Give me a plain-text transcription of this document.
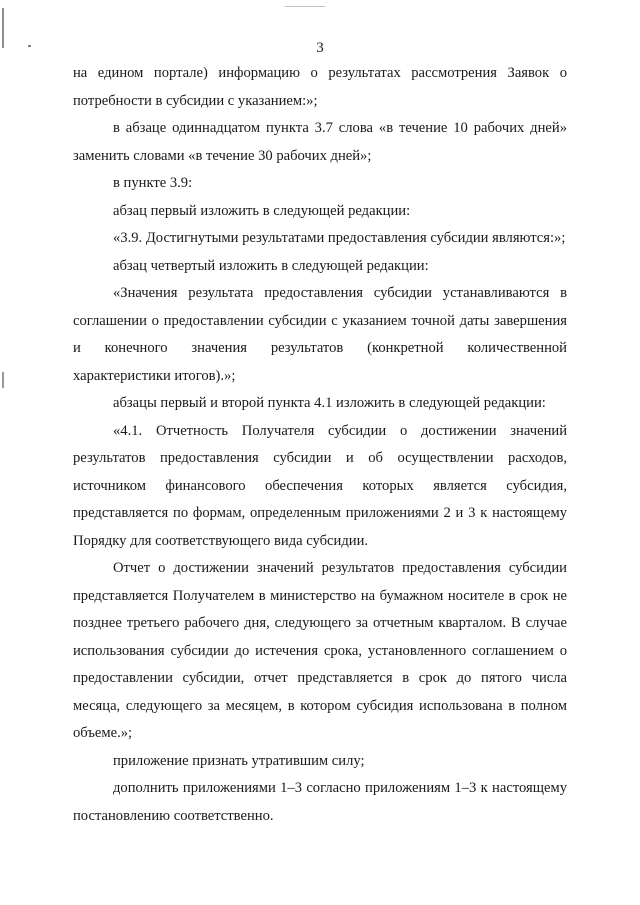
3

на едином портале) информацию о результатах рассмотрения Заявок о потребности в субсидии с указанием:»;

в абзаце одиннадцатом пункта 3.7 слова «в течение 10 рабочих дней» заменить словами «в течение 30 рабочих дней»;

в пункте 3.9:

абзац первый изложить в следующей редакции:

«3.9. Достигнутыми результатами предоставления субсидии являются:»;

абзац четвертый изложить в следующей редакции:

«Значения результата предоставления субсидии устанавливаются в соглашении о предоставлении субсидии с указанием точной даты завершения и конечного значения результатов (конкретной количественной характеристики итогов).»;

абзацы первый и второй пункта 4.1 изложить в следующей редакции:

«4.1. Отчетность Получателя субсидии о достижении значений результатов предоставления субсидии и об осуществлении расходов, источником финансового обеспечения которых является субсидия, представляется по формам, определенным приложениями 2 и 3 к настоящему Порядку для соответствующего вида субсидии.

Отчет о достижении значений результатов предоставления субсидии представляется Получателем в министерство на бумажном носителе в срок не позднее третьего рабочего дня, следующего за отчетным кварталом. В случае использования субсидии до истечения срока, установленного соглашением о предоставлении субсидии, отчет представляется в срок до пятого числа месяца, следующего за месяцем, в котором субсидия использована в полном объеме.»;

приложение признать утратившим силу;

дополнить приложениями 1–3 согласно приложениям 1–3 к настоящему постановлению соответственно.
